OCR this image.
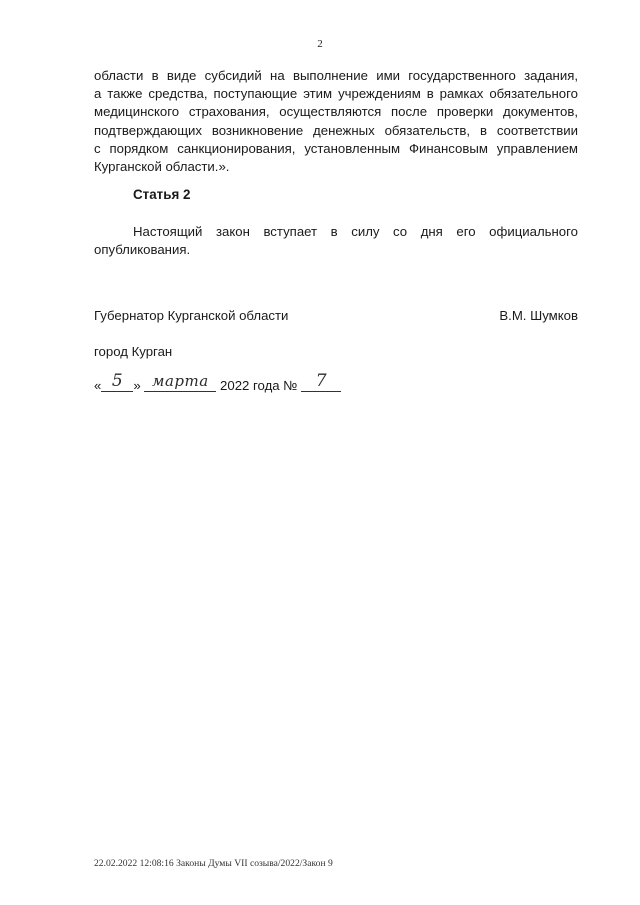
2
области в виде субсидий на выполнение ими государственного задания,
а также средства, поступающие этим учреждениям в рамках обязательного
медицинского страхования, осуществляются после проверки документов,
подтверждающих возникновение денежных обязательств, в соответствии
с порядком санкционирования, установленным Финансовым управлением
Курганской области.».
Статья 2
Настоящий закон вступает в силу со дня его официального
опубликования.
Губернатор Курганской области	В.М. Шумков
город Курган
« 5 » марта 2022 года № 7
22.02.2022 12:08:16 Законы Думы VII созыва/2022/Закон 9
